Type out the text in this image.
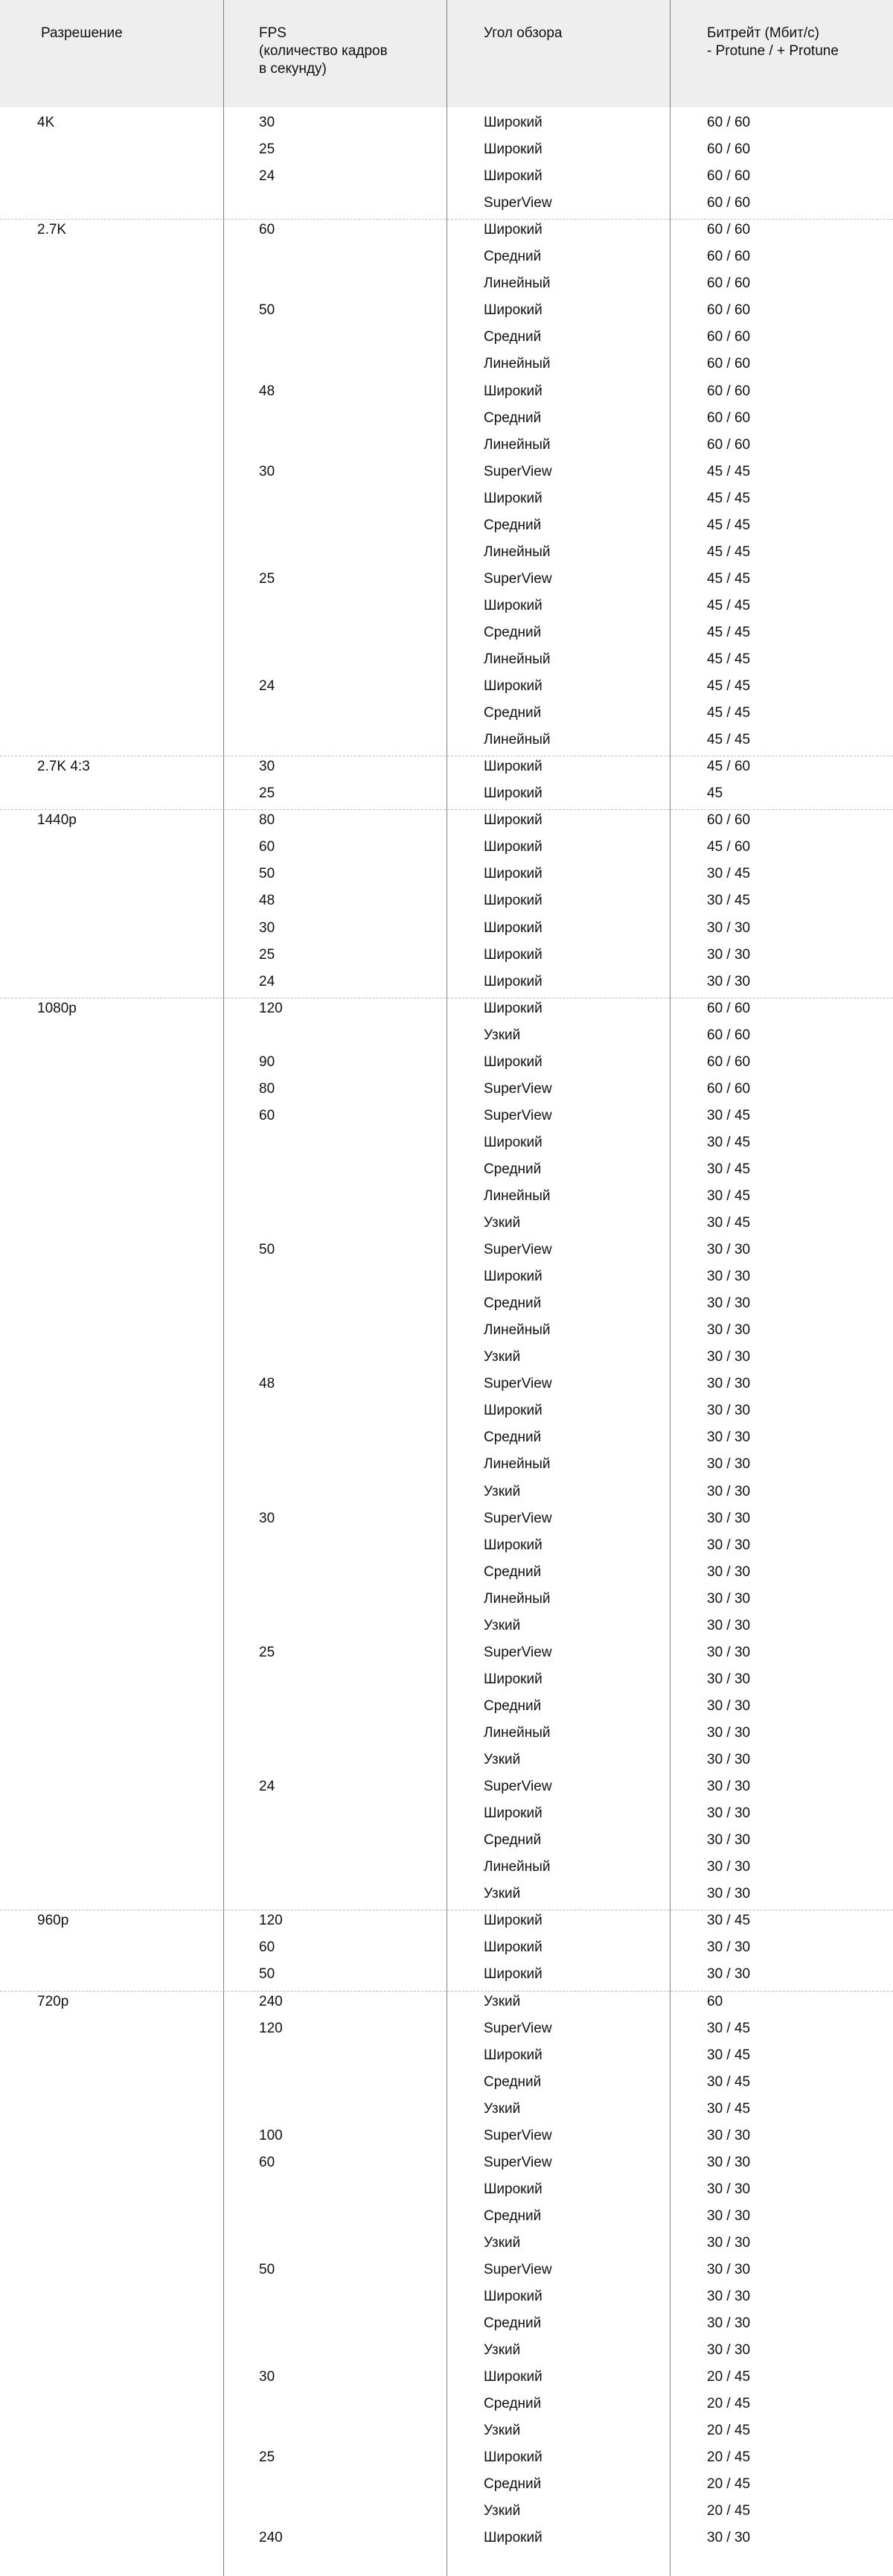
Разрешение	FPS
(количество кадров
в секунду)
Угол обзора	Битрейт (Мбит/с)
- Protune / + Protune
4K	30	Широкий	60 / 60
25	Широкий	60 / 60
24	Широкий	60 / 60
SuperView	60 / 60
2.7K	60	Широкий	60 / 60
Средний	60 / 60
Линейный	60 / 60
50	Широкий	60 / 60
Средний	60 / 60
Линейный	60 / 60
48	Широкий	60 / 60
Средний	60 / 60
Линейный	60 / 60
30	SuperView	45 / 45
Широкий	45 / 45
Средний	45 / 45
Линейный	45 / 45
25	SuperView	45 / 45
Широкий	45 / 45
Средний	45 / 45
Линейный	45 / 45
24	Широкий	45 / 45
Средний	45 / 45
Линейный	45 / 45
2.7K 4:3	30	Широкий	45 / 60
25	Широкий	45
1440p	80	Широкий	60 / 60
60	Широкий	45 / 60
50	Широкий	30 / 45
48	Широкий	30 / 45
30	Широкий	30 / 30
25	Широкий	30 / 30
24	Широкий	30 / 30
1080p	120	Широкий	60 / 60
Узкий	60 / 60
90	Широкий	60 / 60
80	SuperView	60 / 60
60	SuperView	30 / 45
Широкий	30 / 45
Средний	30 / 45
Линейный	30 / 45
Узкий	30 / 45
50	SuperView	30 / 30
Широкий	30 / 30
Средний	30 / 30
Линейный	30 / 30
Узкий	30 / 30
48	SuperView	30 / 30
Широкий	30 / 30
Средний	30 / 30
Линейный	30 / 30
Узкий	30 / 30
30	SuperView	30 / 30
Широкий	30 / 30
Средний	30 / 30
Линейный	30 / 30
Узкий	30 / 30
25	SuperView	30 / 30
Широкий	30 / 30
Средний	30 / 30
Линейный	30 / 30
Узкий	30 / 30
24	SuperView	30 / 30
Широкий	30 / 30
Средний	30 / 30
Линейный	30 / 30
Узкий	30 / 30
960p	120	Широкий	30 / 45
60	Широкий	30 / 30
50	Широкий	30 / 30
720p	240	Узкий	60
120	SuperView	30 / 45
Широкий	30 / 45
Средний	30 / 45
Узкий	30 / 45
100	SuperView	30 / 30
60	SuperView	30 / 30
Широкий	30 / 30
Средний	30 / 30
Узкий	30 / 30
50	SuperView	30 / 30
Широкий	30 / 30
Средний	30 / 30
Узкий	30 / 30
30	Широкий	20 / 45
Средний	20 / 45
Узкий	20 / 45
25	Широкий	20 / 45
Средний	20 / 45
Узкий	20 / 45
240	Широкий	30 / 30
